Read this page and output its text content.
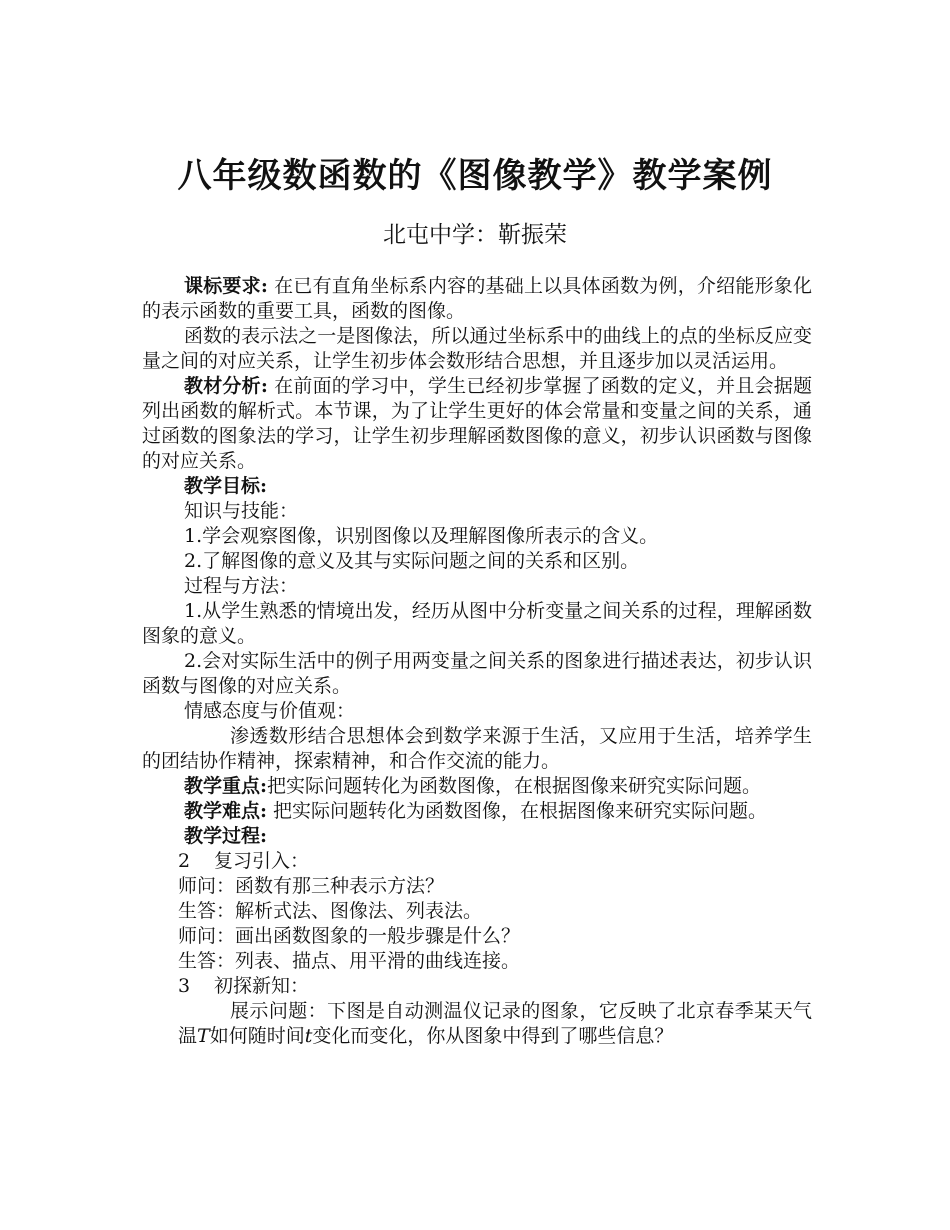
八年级数函数的《图像教学》教学案例
北屯中学：靳振荣

课标要求: 在已有直角坐标系内容的基础上以具体函数为例，介绍能形象化的表示函数的重要工具，函数的图像。

函数的表示法之一是图像法，所以通过坐标系中的曲线上的点的坐标反应变量之间的对应关系，让学生初步体会数形结合思想，并且逐步加以灵活运用。

教材分析: 在前面的学习中，学生已经初步掌握了函数的定义，并且会据题列出函数的解析式。本节课，为了让学生更好的体会常量和变量之间的关系，通过函数的图象法的学习，让学生初步理解函数图像的意义，初步认识函数与图像的对应关系。

教学目标:

知识与技能：

1.学会观察图像，识别图像以及理解图像所表示的含义。

2.了解图像的意义及其与实际问题之间的关系和区别。

过程与方法：

1.从学生熟悉的情境出发，经历从图中分析变量之间关系的过程，理解函数图象的意义。

2.会对实际生活中的例子用两变量之间关系的图象进行描述表达，初步认识函数与图像的对应关系。

情感态度与价值观：

渗透数形结合思想体会到数学来源于生活，又应用于生活，培养学生的团结协作精神，探索精神，和合作交流的能力。

教学重点:把实际问题转化为函数图像，在根据图像来研究实际问题。

教学难点: 把实际问题转化为函数图像，在根据图像来研究实际问题。

教学过程:

2 复习引入：

师问：函数有那三种表示方法？

生答：解析式法、图像法、列表法。

师问：画出函数图象的一般步骤是什么？

生答：列表、描点、用平滑的曲线连接。

3 初探新知：

展示问题：下图是自动测温仪记录的图象，它反映了北京春季某天气温T如何随时间t变化而变化，你从图象中得到了哪些信息？
